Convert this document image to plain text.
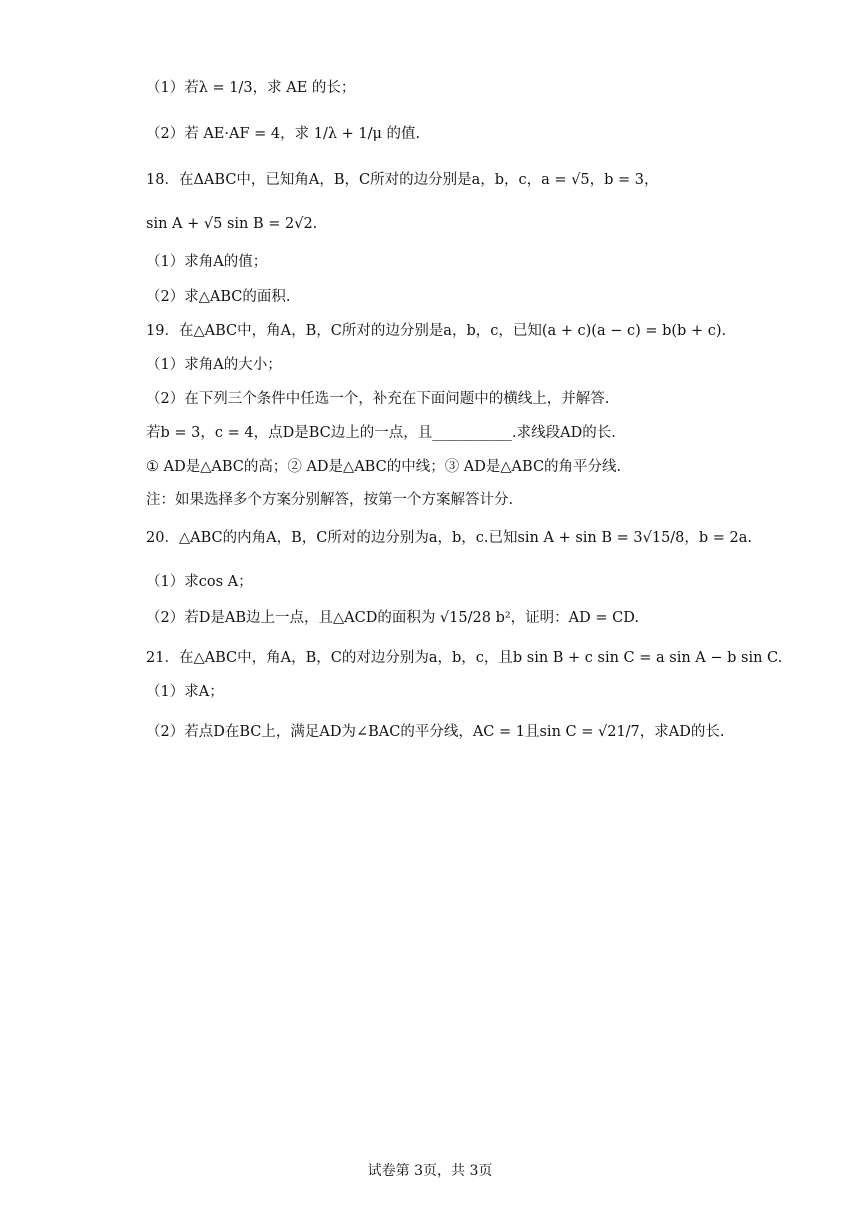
（1）若λ = 1/3，求 AE 的长；
（2）若 AE·AF = 4，求 1/λ + 1/μ 的值.
18．在ΔABC中，已知角A，B，C所对的边分别是a，b，c，a = √5，b = 3，
sin A + √5 sin B = 2√2.
（1）求角A的值；
（2）求△ABC的面积.
19．在△ABC中，角A，B，C所对的边分别是a，b，c，已知(a + c)(a − c) = b(b + c).
（1）求角A的大小；
（2）在下列三个条件中任选一个，补充在下面问题中的横线上，并解答.
若b = 3，c = 4，点D是BC边上的一点，且___________.求线段AD的长.
① AD是△ABC的高；② AD是△ABC的中线；③ AD是△ABC的角平分线.
注：如果选择多个方案分别解答，按第一个方案解答计分.
20．△ABC的内角A，B，C所对的边分别为a，b，c.已知sin A + sin B = 3√15/8，b = 2a.
（1）求cos A；
（2）若D是AB边上一点，且△ACD的面积为 √15/28 b²，证明：AD = CD.
21．在△ABC中，角A，B，C的对边分别为a，b，c，且b sin B + c sin C = a sin A − b sin C.
（1）求A；
（2）若点D在BC上，满足AD为∠BAC的平分线，AC = 1且sin C = √21/7，求AD的长.
试卷第 3页，共 3页
